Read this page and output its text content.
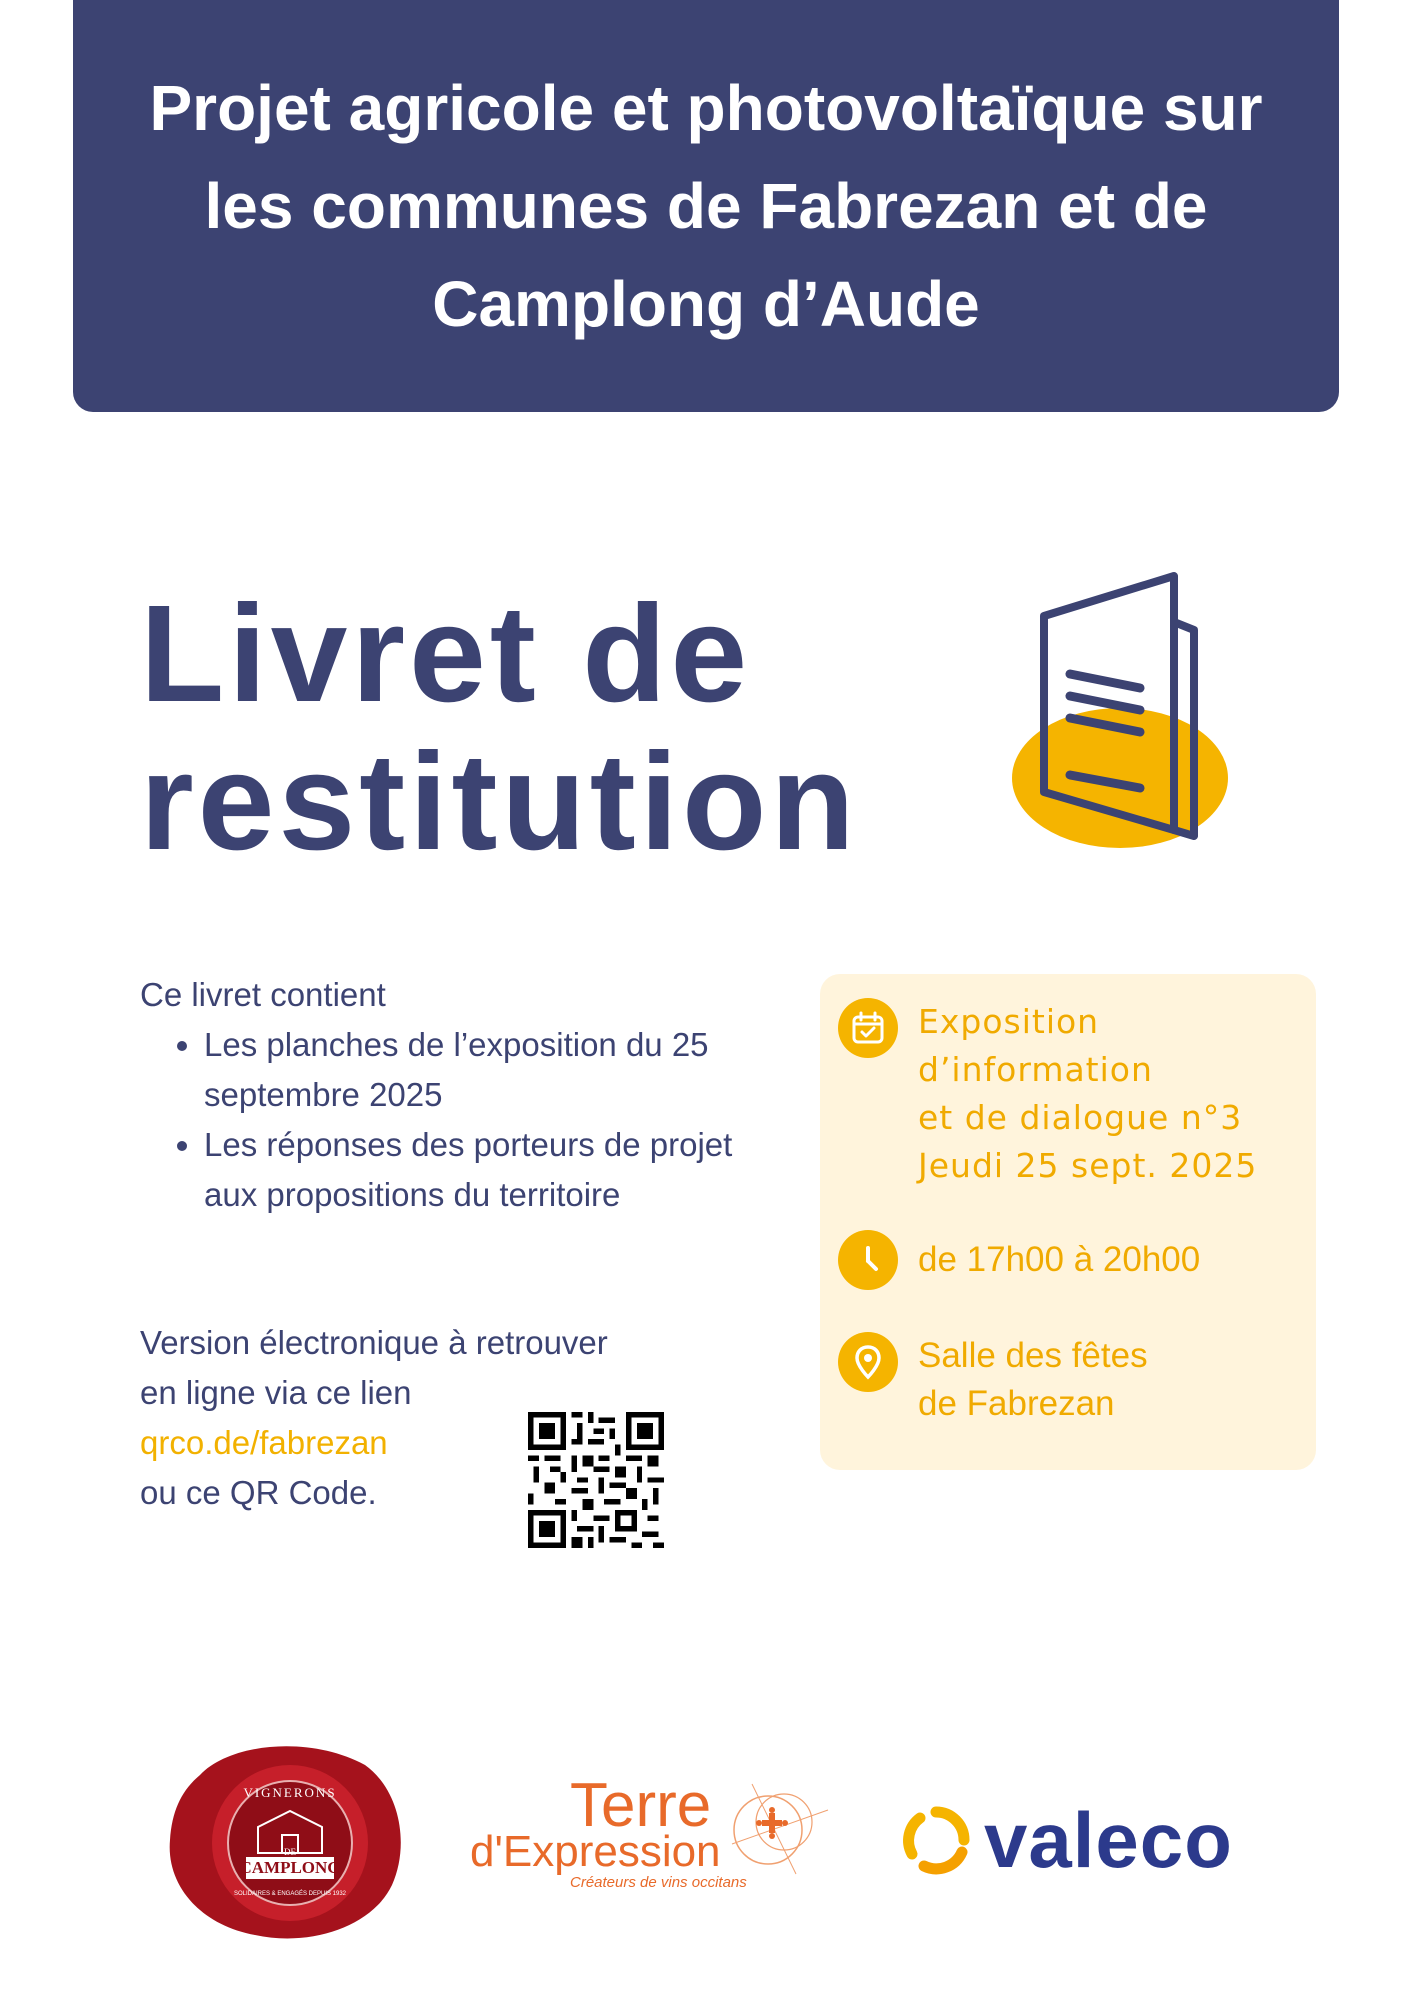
Projet agricole et photovoltaïque sur les communes de Fabrezan et de Camplong d’Aude
Livret de
restitution

Ce livret contient

• Les planches de l’exposition du 25 septembre 2025
• Les réponses des porteurs de projet aux propositions du territoire

Version électronique à retrouver

en ligne via ce lien

qrco.de/fabrezan

ou ce QR Code.

Exposition

d’information

et de dialogue n°3

Jeudi 25 sept. 2025

de 17h00 à 20h00

Salle des fêtes

de Fabrezan

CAMPLONG
VIGNERONS
DE
SOLIDAIRES & ENGAGÉS DEPUIS 1932

Terre

d'Expression

Créateurs de vins occitans	valeco
